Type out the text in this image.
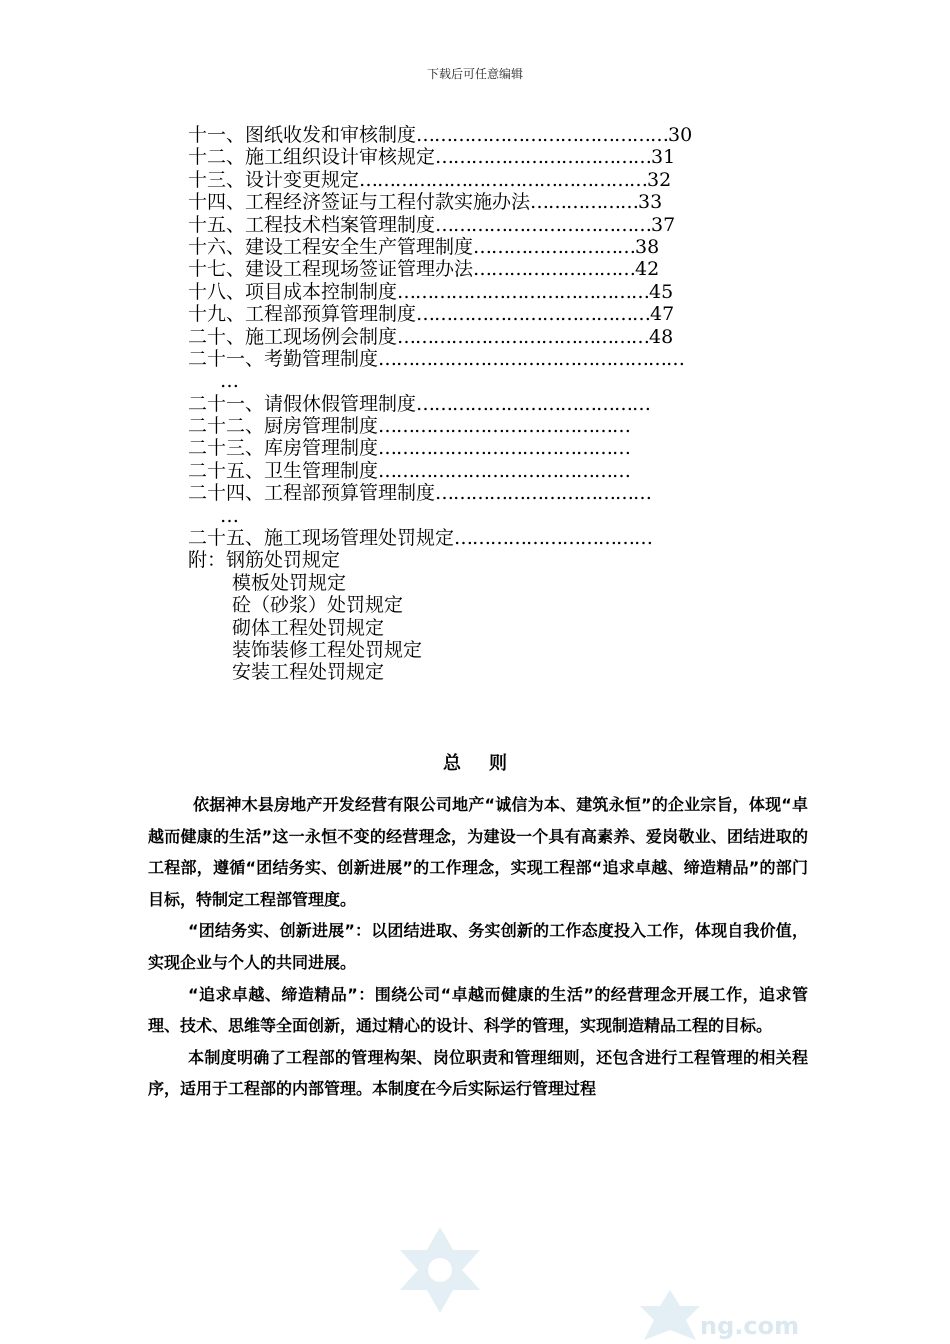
下载后可任意编辑
十一、图纸收发和审核制度……………………………………30
十二、施工组织设计审核规定………………………………31
十三、设计变更规定…………………………………………32
十四、工程经济签证与工程付款实施办法………………33
十五、工程技术档案管理制度………………………………37
十六、建设工程安全生产管理制度………………………38
十七、建设工程现场签证管理办法………………………42
十八、项目成本控制制度……………………………………45
十九、工程部预算管理制度…………………………………47
二十、施工现场例会制度……………………………………48
二十一、考勤管理制度……………………………………………
…
二十一、请假休假管理制度…………………………………
二十二、厨房管理制度……………………………………
二十三、库房管理制度……………………………………
二十五、卫生管理制度……………………………………
二十四、工程部预算管理制度………………………………
…
二十五、施工现场管理处罚规定……………………………
附：钢筋处罚规定
模板处罚规定
砼（砂浆）处罚规定
砌体工程处罚规定
装饰装修工程处罚规定
安装工程处罚规定
总则

依据神木县房地产开发经营有限公司地产“诚信为本、建筑永恒”的企业宗旨，体现“卓越而健康的生活”这一永恒不变的经营理念，为建设一个具有高素养、爱岗敬业、团结进取的工程部，遵循“团结务实、创新进展”的工作理念，实现工程部“追求卓越、缔造精品”的部门目标，特制定工程部管理度。

“团结务实、创新进展”：以团结进取、务实创新的工作态度投入工作，体现自我价值，实现企业与个人的共同进展。

“追求卓越、缔造精品”：围绕公司“卓越而健康的生活”的经营理念开展工作，追求管理、技术、思维等全面创新，通过精心的设计、科学的管理，实现制造精品工程的目标。

本制度明确了工程部的管理构架、岗位职责和管理细则，还包含进行工程管理的相关程序，适用于工程部的内部管理。本制度在今后实际运行管理过程

ng.com
